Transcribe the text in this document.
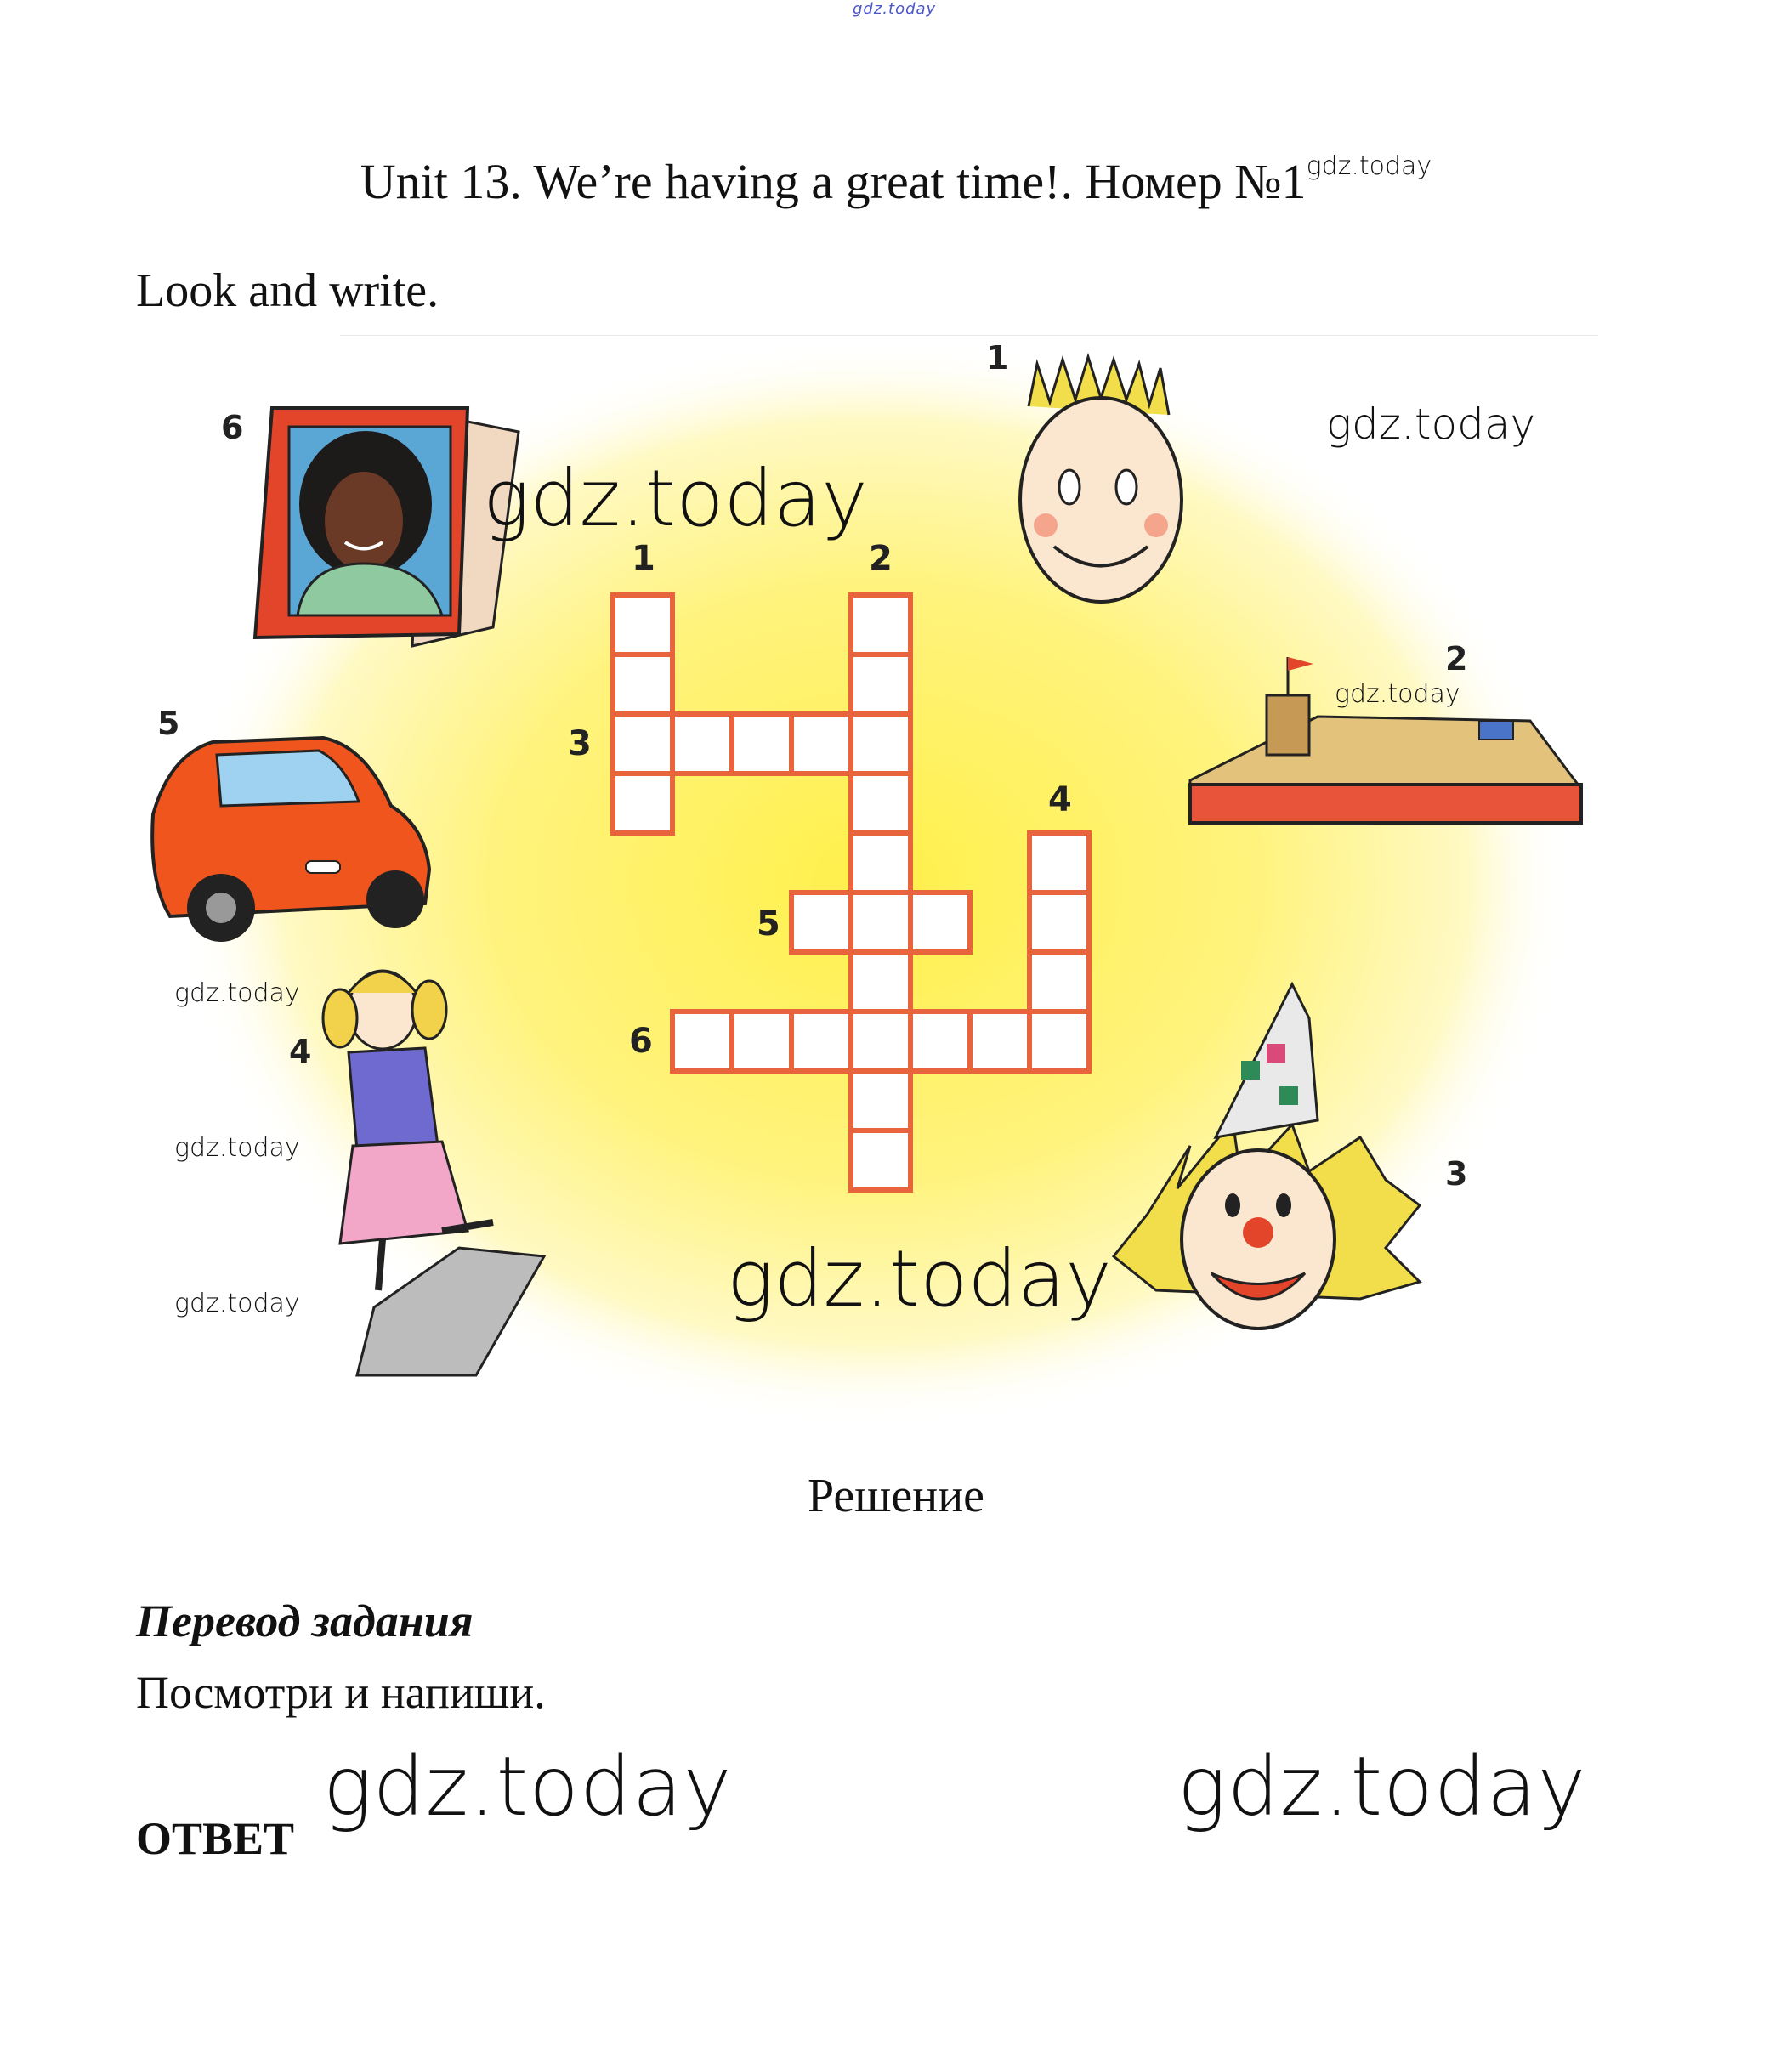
gdz.today
Unit 13. We’re having a great time!. Номер $№1^{gdz.today}$
Look and write.
1	2
3
4
5
6
6
1
2
5
4
3
gdz.today
gdz.today
gdz.today
gdz.today
gdz.today
gdz.today	gdz.today
Решение
Перевод задания
Посмотри и напиши.
ОТВЕТ
gdz.today	gdz.today
